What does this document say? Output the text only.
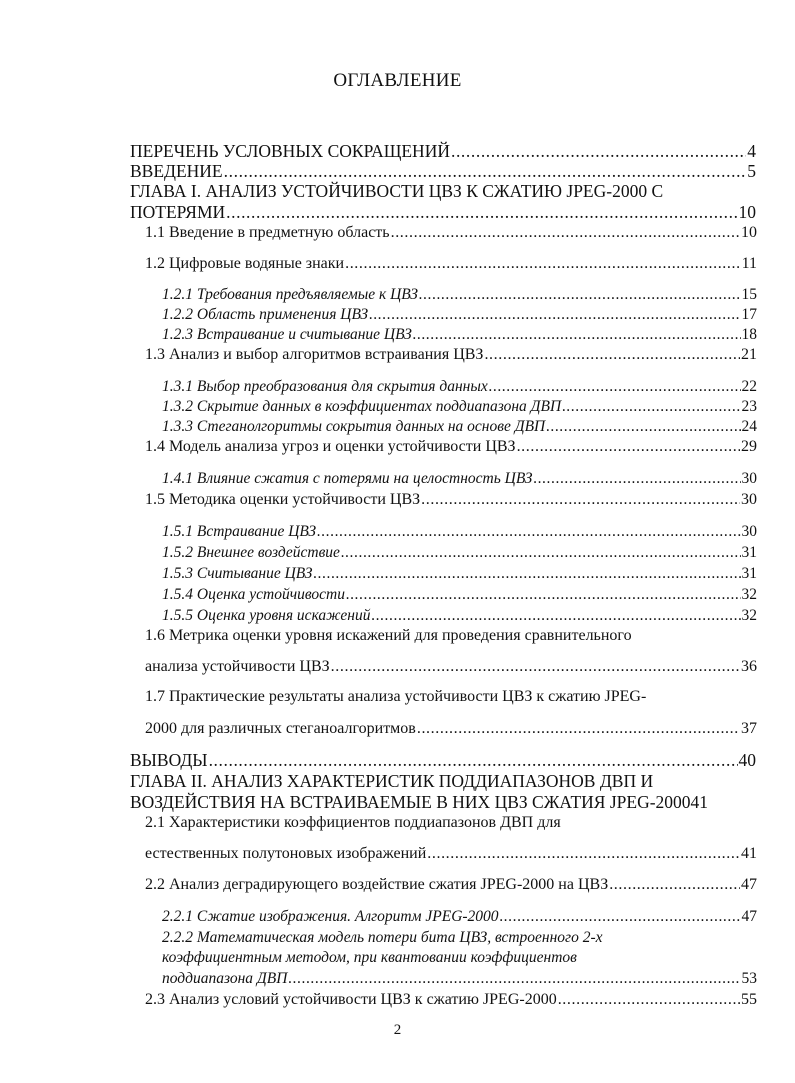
ОГЛАВЛЕНИЕ
ПЕРЕЧЕНЬ УСЛОВНЫХ СОКРАЩЕНИЙ .....	4
ВВЕДЕНИЕ .....	5
ГЛАВА I. АНАЛИЗ УСТОЙЧИВОСТИ ЦВЗ К СЖАТИЮ JPEG-2000 С
ПОТЕРЯМИ .....	10
1.1 Введение в предметную область .....	10
1.2 Цифровые водяные знаки .....	11
1.2.1 Требования предъявляемые к ЦВЗ .....	15
1.2.2 Область применения ЦВЗ .....	17
1.2.3 Встраивание и считывание ЦВЗ .....	18
1.3 Анализ и выбор алгоритмов встраивания ЦВЗ .....	21
1.3.1 Выбор преобразования для скрытия данных .....	22
1.3.2 Скрытие данных в коэффициентах поддиапазона ДВП .....	23
1.3.3 Стеганолгоритмы сокрытия данных на основе ДВП .....	24
1.4 Модель анализа угроз и оценки устойчивости ЦВЗ .....	29
1.4.1 Влияние сжатия с потерями на целостность ЦВЗ .....	30
1.5 Методика оценки устойчивости ЦВЗ .....	30
1.5.1 Встраивание ЦВЗ .....	30
1.5.2 Внешнее воздействие .....	31
1.5.3 Считывание ЦВЗ .....	31
1.5.4 Оценка устойчивости .....	32
1.5.5 Оценка уровня искажений .....	32
1.6 Метрика оценки уровня искажений для проведения сравнительного
анализа устойчивости ЦВЗ .....	36
1.7 Практические результаты анализа устойчивости ЦВЗ к сжатию JPEG-
2000 для различных стеганоалгоритмов .....	37
ВЫВОДЫ .....	40
ГЛАВА II. АНАЛИЗ ХАРАКТЕРИСТИК ПОДДИАПАЗОНОВ ДВП И
ВОЗДЕЙСТВИЯ НА ВСТРАИВАЕМЫЕ В НИХ ЦВЗ СЖАТИЯ JPEG-2000 41
2.1 Характеристики коэффициентов поддиапазонов ДВП для
естественных полутоновых изображений .....	41
2.2 Анализ деградирующего воздействие сжатия JPEG-2000 на ЦВЗ .....	47
2.2.1 Сжатие изображения. Алгоритм JPEG-2000 .....	47
2.2.2 Математическая модель потери бита ЦВЗ, встроенного 2-х
коэффициентным методом, при квантовании коэффициентов
поддиапазона ДВП .....	53
2.3 Анализ условий устойчивости ЦВЗ к сжатию JPEG-2000 .....	55
2
